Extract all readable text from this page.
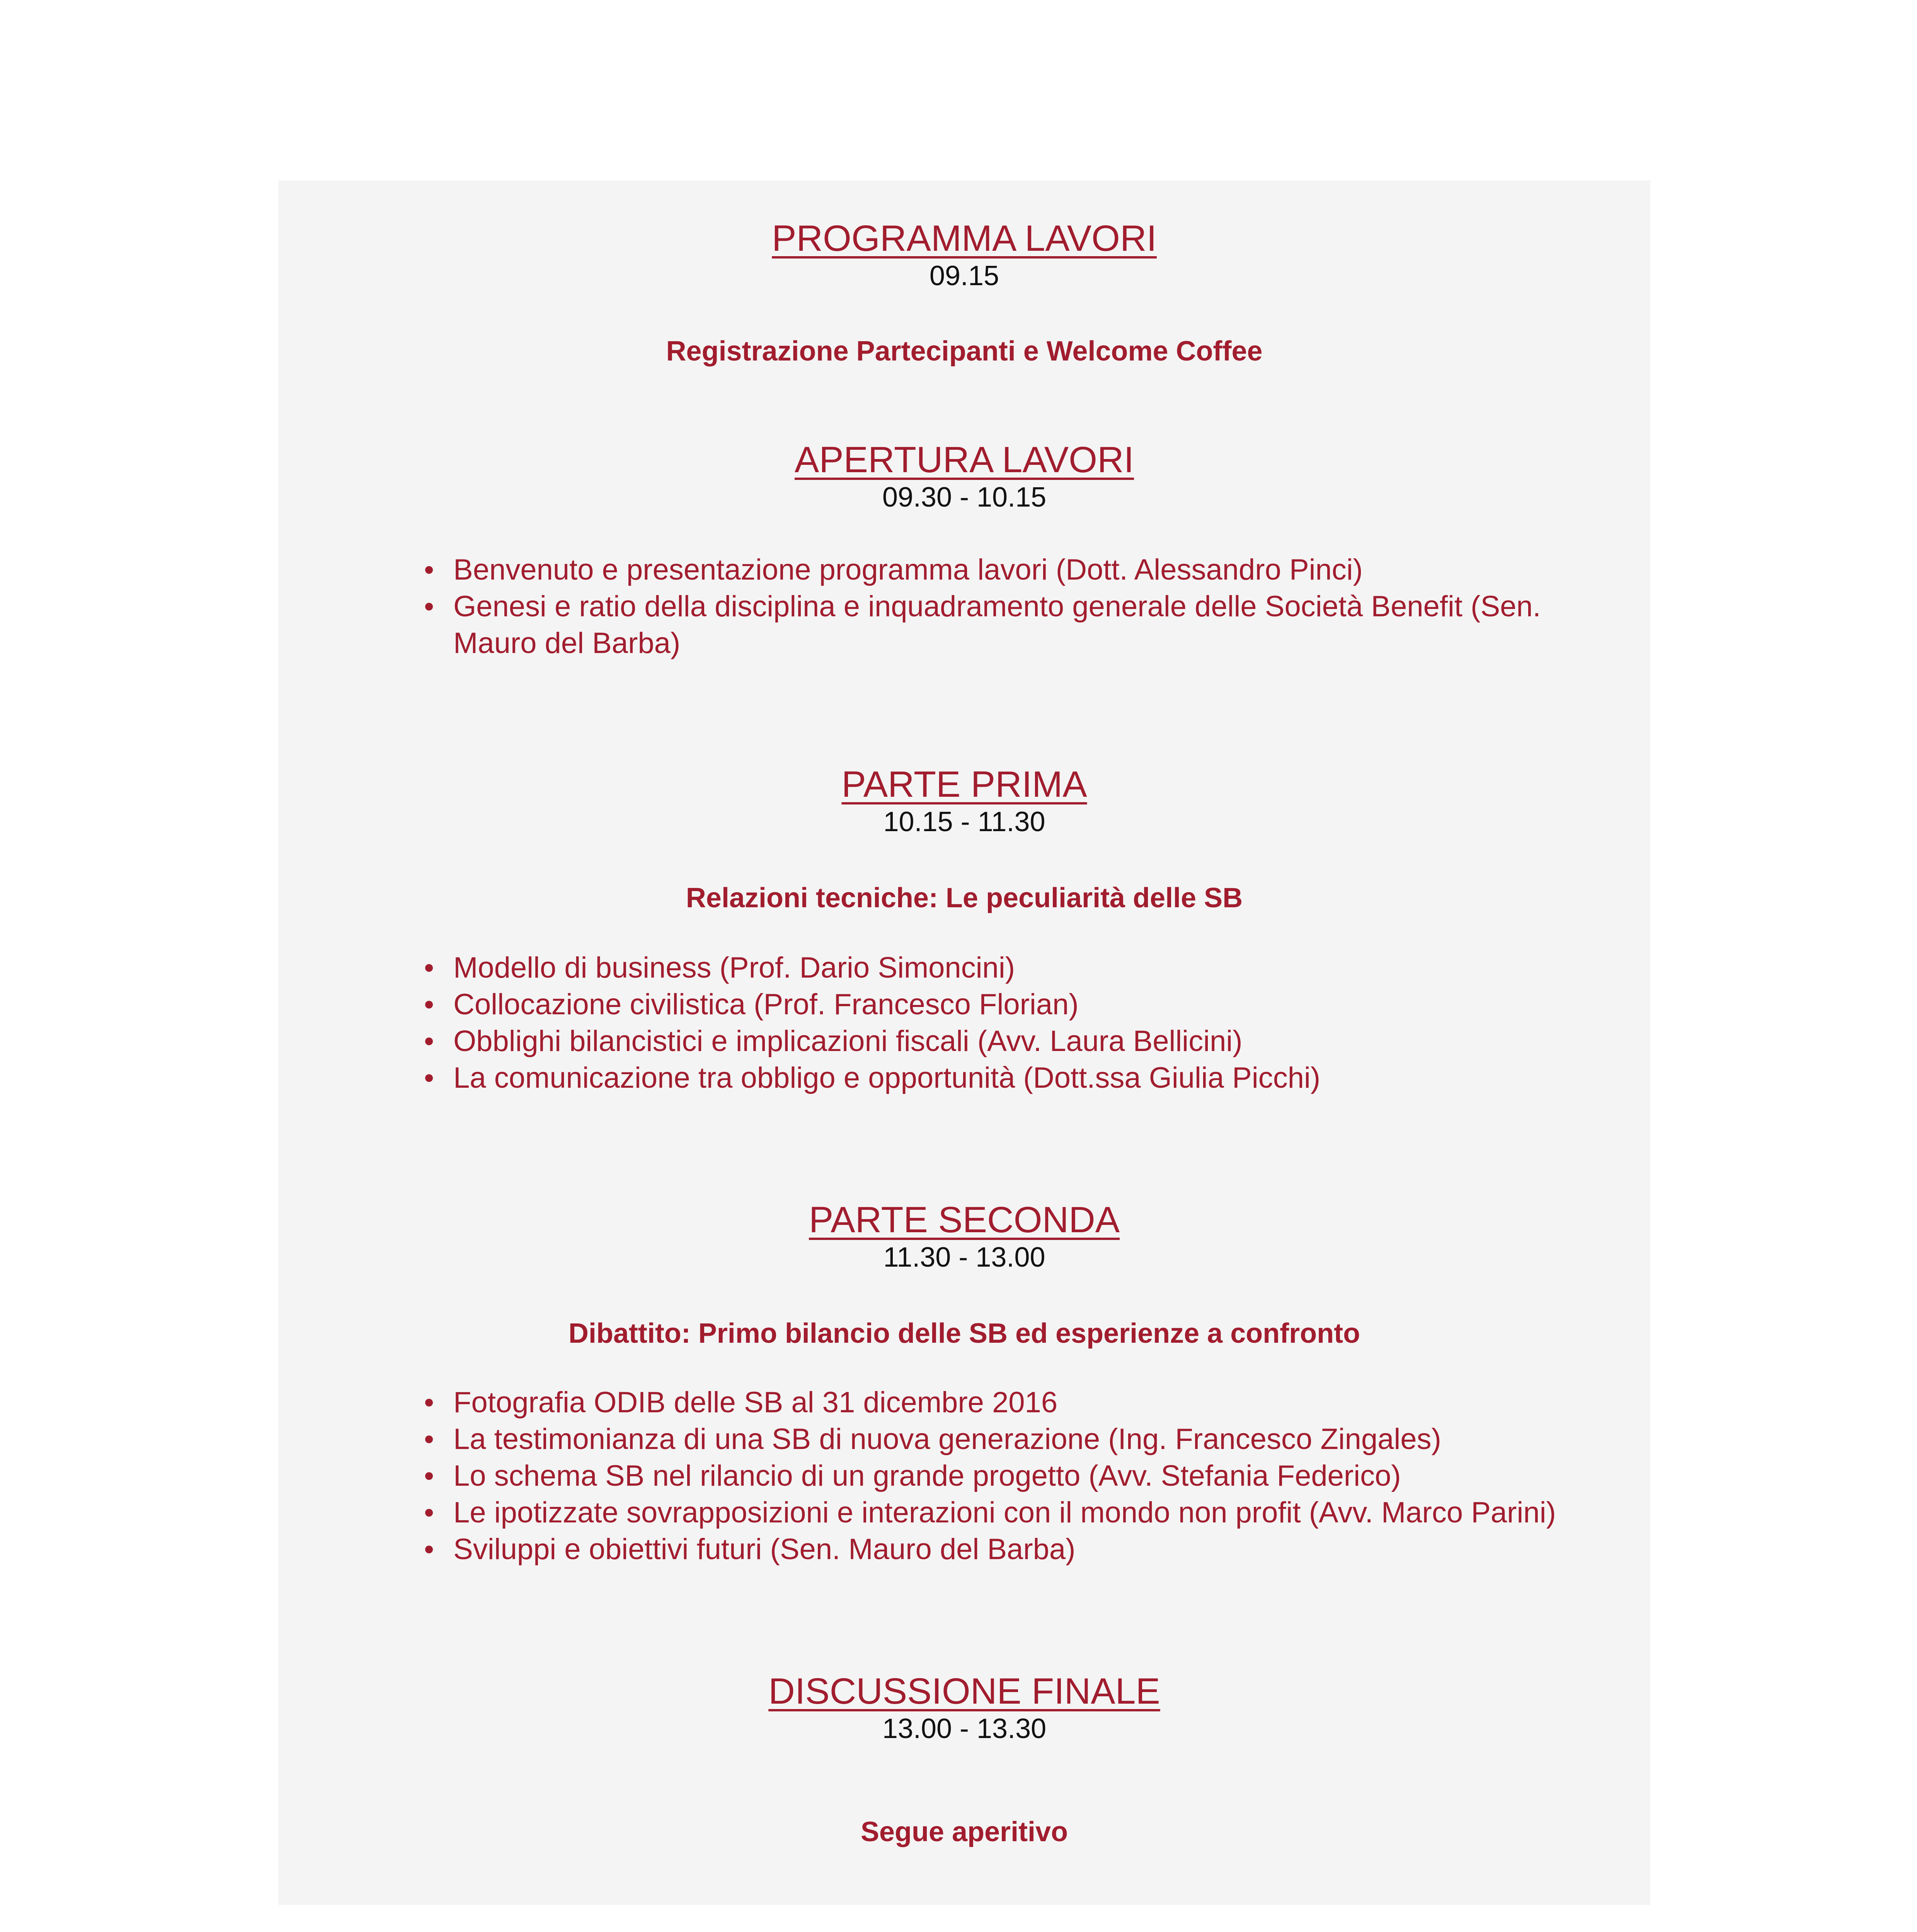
PROGRAMMA LAVORI
09.15
Registrazione Partecipanti e Welcome Coffee
APERTURA LAVORI
09.30 - 10.15
Benvenuto e presentazione programma lavori (Dott. Alessandro Pinci)
Genesi e ratio della disciplina e inquadramento generale delle Società Benefit (Sen. Mauro del Barba)
PARTE PRIMA
10.15 - 11.30
Relazioni tecniche: Le peculiarità delle SB
Modello di business (Prof. Dario Simoncini)
Collocazione civilistica (Prof. Francesco Florian)
Obblighi bilancistici e implicazioni fiscali (Avv. Laura Bellicini)
La comunicazione tra obbligo e opportunità (Dott.ssa Giulia Picchi)
PARTE SECONDA
11.30 - 13.00
Dibattito: Primo bilancio delle SB ed esperienze a confronto
Fotografia ODIB delle SB al 31 dicembre 2016
La testimonianza di una SB di nuova generazione (Ing. Francesco Zingales)
Lo schema SB nel rilancio di un grande progetto (Avv. Stefania Federico)
Le ipotizzate sovrapposizioni e interazioni con il mondo non profit (Avv. Marco Parini)
Sviluppi e obiettivi futuri (Sen. Mauro del Barba)
DISCUSSIONE FINALE
13.00 - 13.30
Segue aperitivo
